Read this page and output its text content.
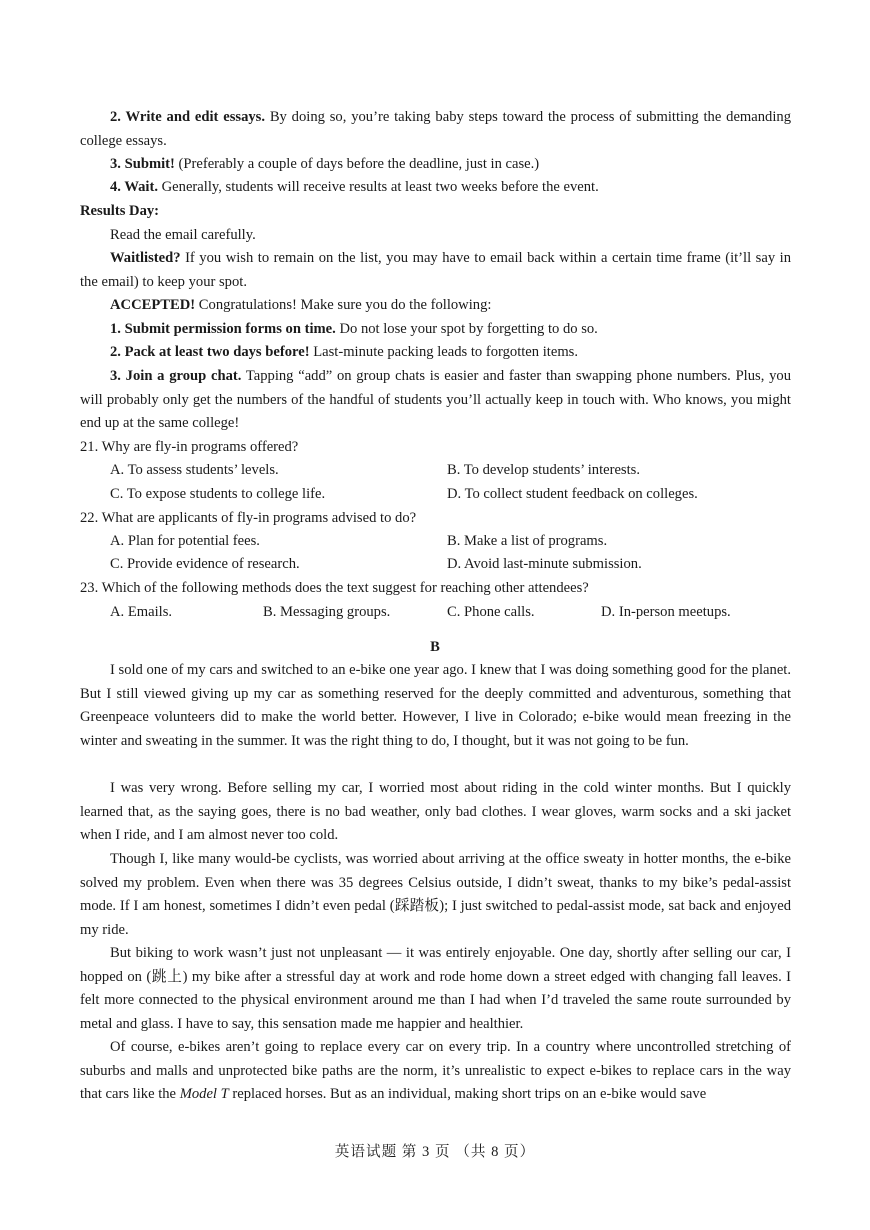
2. Write and edit essays. By doing so, you’re taking baby steps toward the process of submitting the demanding college essays.
3. Submit! (Preferably a couple of days before the deadline, just in case.)
4. Wait. Generally, students will receive results at least two weeks before the event.
Results Day:
Read the email carefully.
Waitlisted? If you wish to remain on the list, you may have to email back within a certain time frame (it’ll say in the email) to keep your spot.
ACCEPTED! Congratulations! Make sure you do the following:
1. Submit permission forms on time. Do not lose your spot by forgetting to do so.
2. Pack at least two days before! Last-minute packing leads to forgotten items.
3. Join a group chat. Tapping “add” on group chats is easier and faster than swapping phone numbers. Plus, you will probably only get the numbers of the handful of students you’ll actually keep in touch with. Who knows, you might end up at the same college!
21. Why are fly-in programs offered?
A. To assess students’ levels.	B. To develop students’ interests.
C. To expose students to college life.	D. To collect student feedback on colleges.
22. What are applicants of fly-in programs advised to do?
A. Plan for potential fees.	B. Make a list of programs.
C. Provide evidence of research.	D. Avoid last-minute submission.
23. Which of the following methods does the text suggest for reaching other attendees?
A. Emails.	B. Messaging groups.	C. Phone calls.	D. In-person meetups.
B
I sold one of my cars and switched to an e-bike one year ago. I knew that I was doing something good for the planet. But I still viewed giving up my car as something reserved for the deeply committed and adventurous, something that Greenpeace volunteers did to make the world better. However, I live in Colorado; e-bike would mean freezing in the winter and sweating in the summer. It was the right thing to do, I thought, but it was not going to be fun.
I was very wrong. Before selling my car, I worried most about riding in the cold winter months. But I quickly learned that, as the saying goes, there is no bad weather, only bad clothes. I wear gloves, warm socks and a ski jacket when I ride, and I am almost never too cold.
Though I, like many would-be cyclists, was worried about arriving at the office sweaty in hotter months, the e-bike solved my problem. Even when there was 35 degrees Celsius outside, I didn’t sweat, thanks to my bike’s pedal-assist mode. If I am honest, sometimes I didn’t even pedal (踩踏板); I just switched to pedal-assist mode, sat back and enjoyed my ride.
But biking to work wasn’t just not unpleasant — it was entirely enjoyable. One day, shortly after selling our car, I hopped on (跳上) my bike after a stressful day at work and rode home down a street edged with changing fall leaves. I felt more connected to the physical environment around me than I had when I’d traveled the same route surrounded by metal and glass. I have to say, this sensation made me happier and healthier.
Of course, e-bikes aren’t going to replace every car on every trip. In a country where uncontrolled stretching of suburbs and malls and unprotected bike paths are the norm, it’s unrealistic to expect e-bikes to replace cars in the way that cars like the Model T replaced horses. But as an individual, making short trips on an e-bike would save
英语试题 第 3 页 （共 8 页）
